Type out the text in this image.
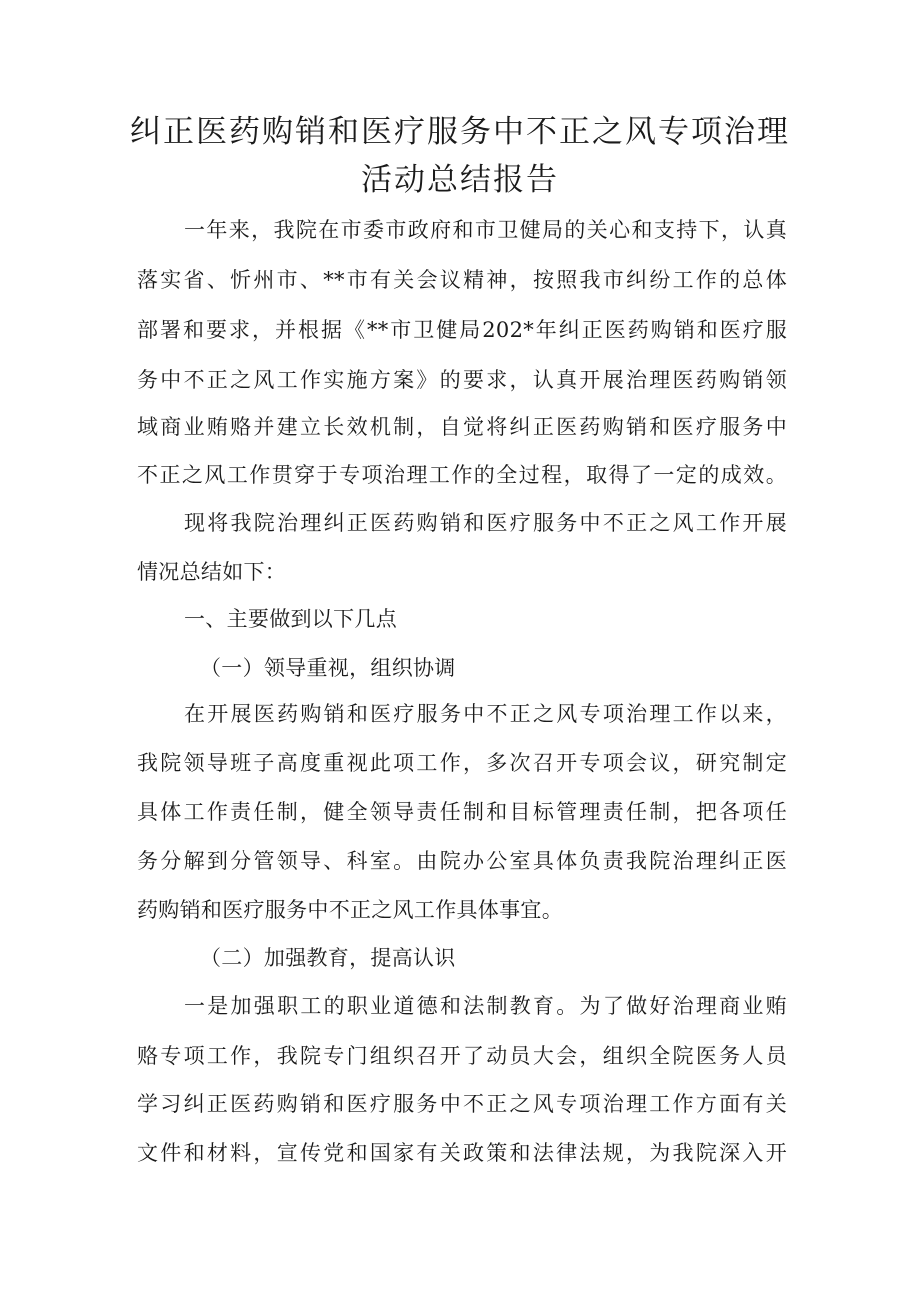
纠正医药购销和医疗服务中不正之风专项治理
活动总结报告
一年来，我院在市委市政府和市卫健局的关心和支持下，认真
落实省、忻州市、**市有关会议精神，按照我市纠纷工作的总体
部署和要求，并根据《**市卫健局202*年纠正医药购销和医疗服
务中不正之风工作实施方案》的要求，认真开展治理医药购销领
域商业贿赂并建立长效机制，自觉将纠正医药购销和医疗服务中
不正之风工作贯穿于专项治理工作的全过程，取得了一定的成效。
现将我院治理纠正医药购销和医疗服务中不正之风工作开展
情况总结如下：
一、主要做到以下几点
（一）领导重视，组织协调
在开展医药购销和医疗服务中不正之风专项治理工作以来，
我院领导班子高度重视此项工作，多次召开专项会议，研究制定
具体工作责任制，健全领导责任制和目标管理责任制，把各项任
务分解到分管领导、科室。由院办公室具体负责我院治理纠正医
药购销和医疗服务中不正之风工作具体事宜。
（二）加强教育，提高认识
一是加强职工的职业道德和法制教育。为了做好治理商业贿
赂专项工作，我院专门组织召开了动员大会，组织全院医务人员
学习纠正医药购销和医疗服务中不正之风专项治理工作方面有关
文件和材料，宣传党和国家有关政策和法律法规，为我院深入开
